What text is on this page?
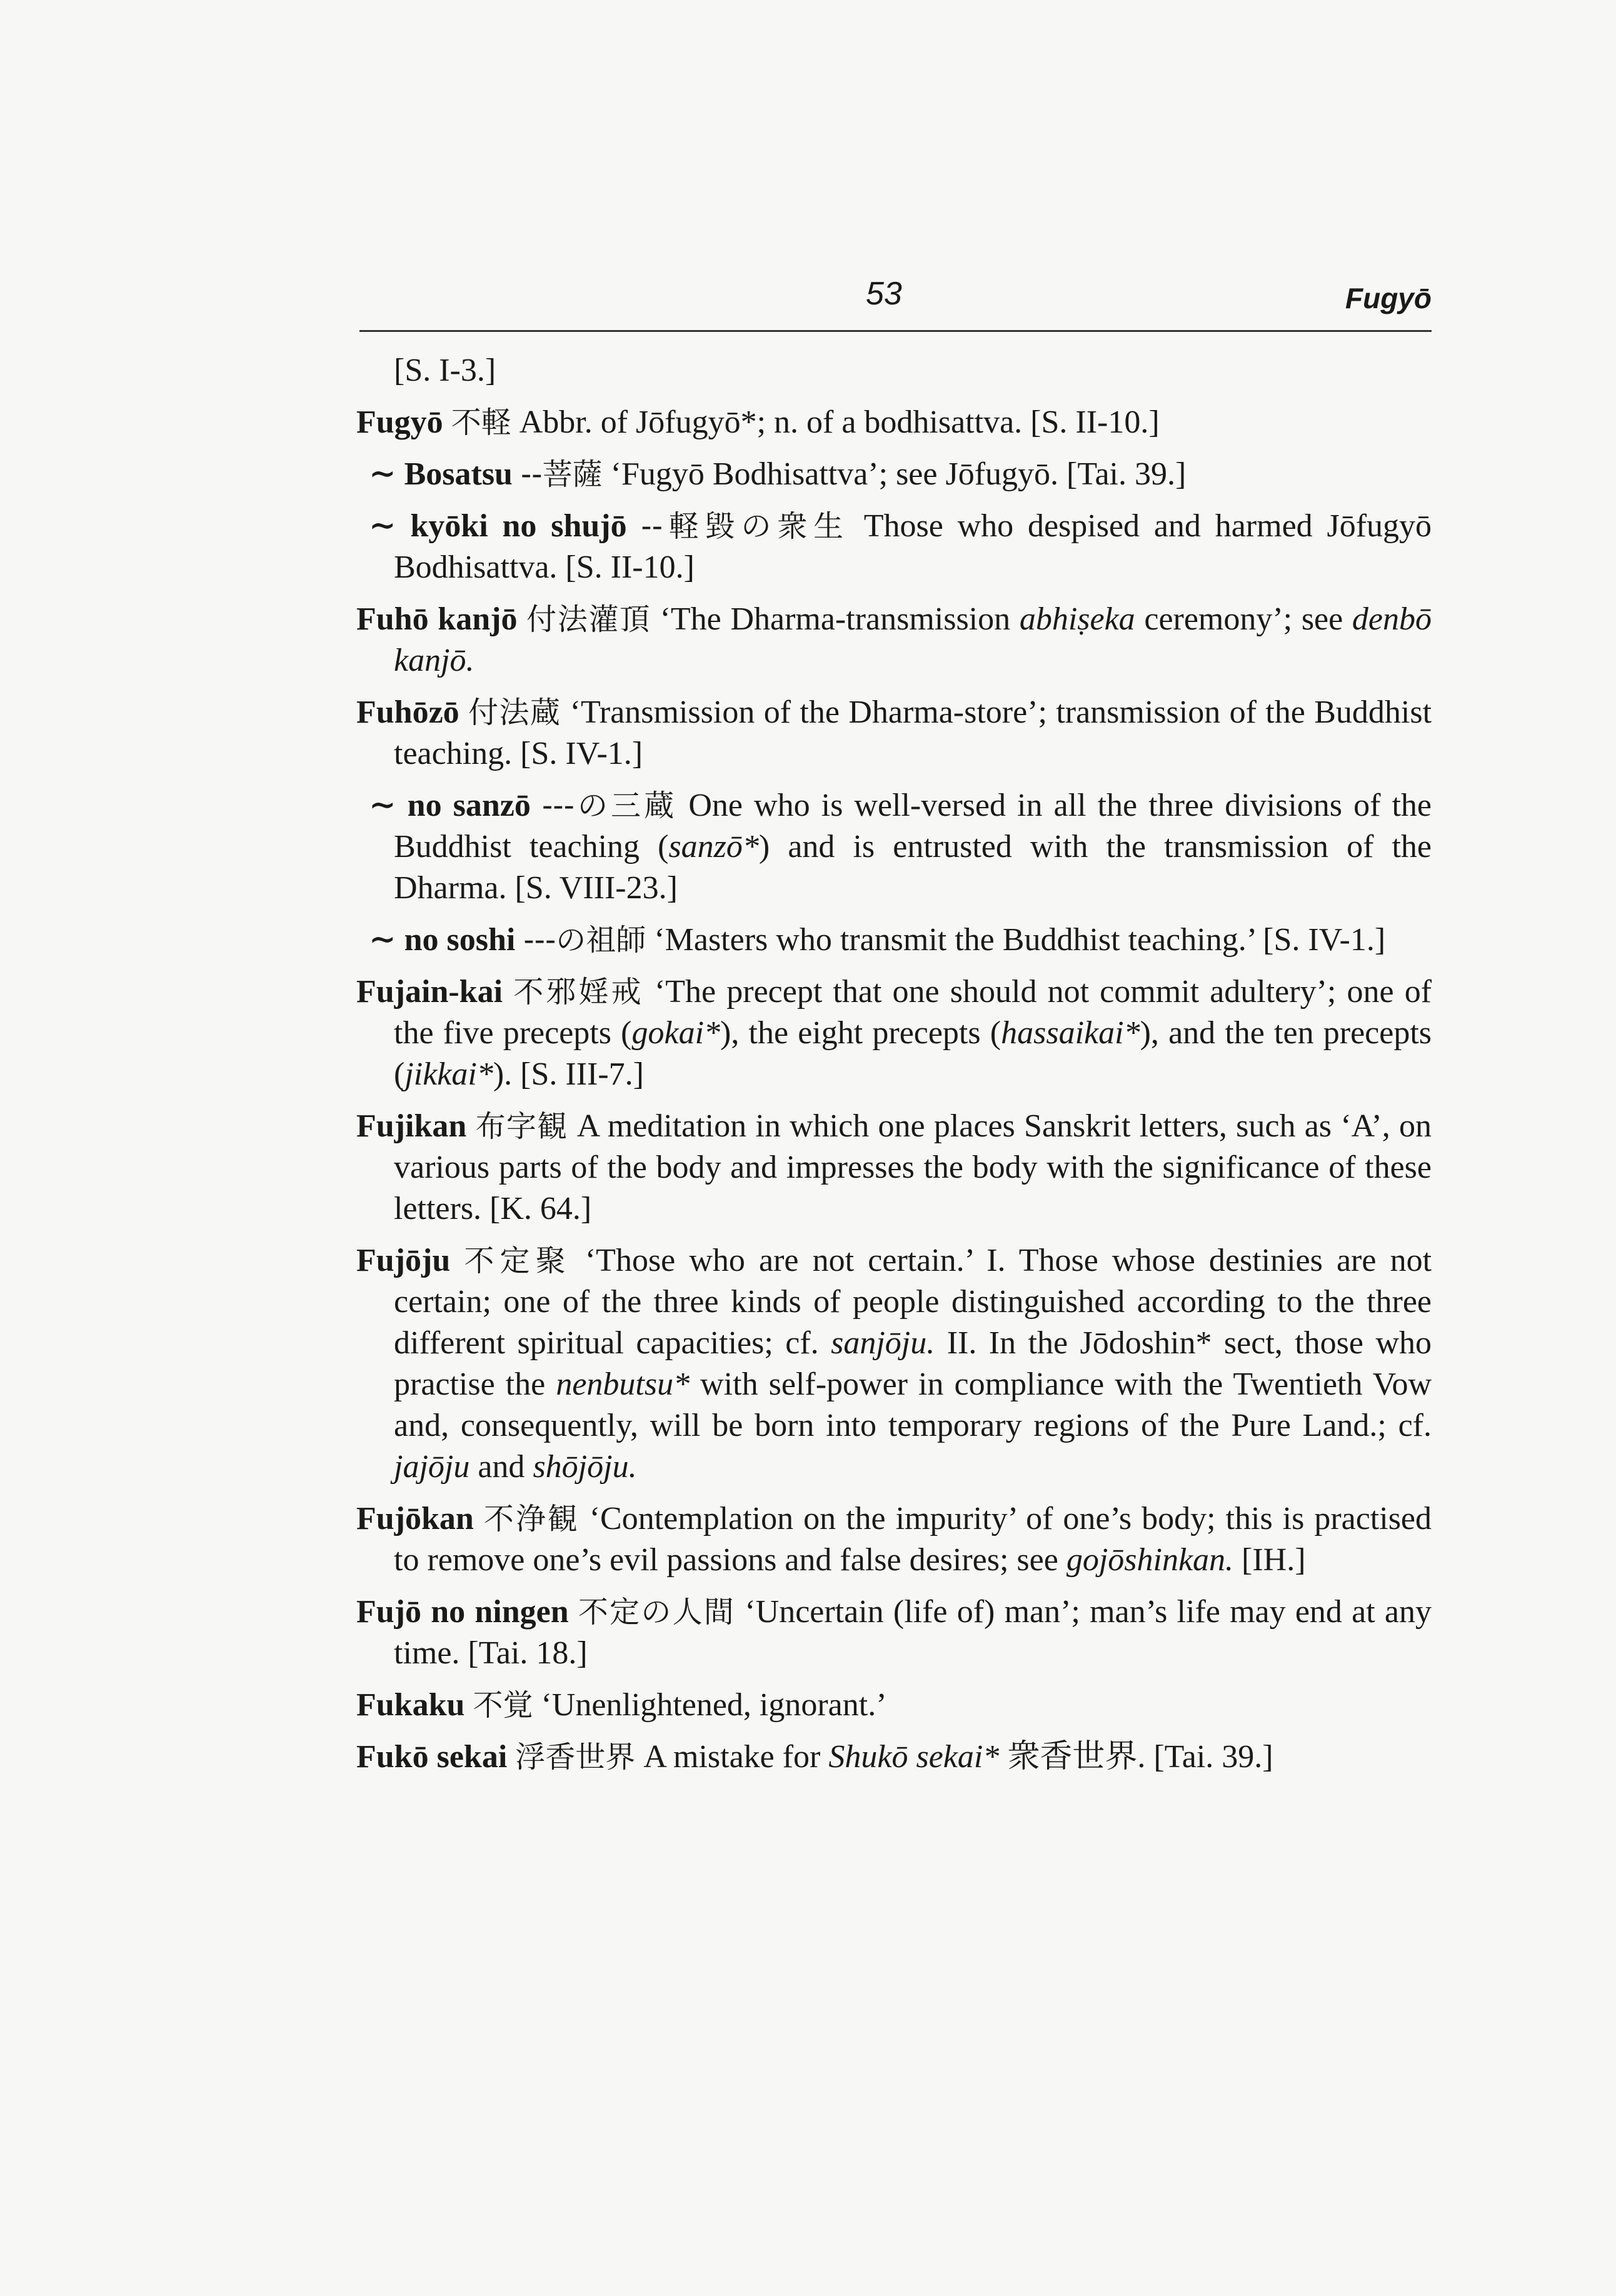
53	Fugyō

[S. I-3.]

Fugyō 不軽 Abbr. of Jōfugyō*; n. of a bodhisattva. [S. II-10.]

∼ Bosatsu --菩薩 ‘Fugyō Bodhisattva’; see Jōfugyō. [Tai. 39.]

∼ kyōki no shujō --軽毀の衆生 Those who despised and harmed Jōfugyō Bodhisattva. [S. II-10.]

Fuhō kanjō 付法灌頂 ‘The Dharma-transmission abhiṣeka ceremony’; see denbō kanjō.

Fuhōzō 付法蔵 ‘Transmission of the Dharma-store’; transmission of the Buddhist teaching. [S. IV-1.]

∼ no sanzō ---の三蔵 One who is well-versed in all the three divisions of the Buddhist teaching (sanzō*) and is entrusted with the transmission of the Dharma. [S. VIII-23.]

∼ no soshi ---の祖師 ‘Masters who transmit the Buddhist teaching.’ [S. IV-1.]

Fujain-kai 不邪婬戒 ‘The precept that one should not commit adultery’; one of the five precepts (gokai*), the eight precepts (hassaikai*), and the ten precepts (jikkai*). [S. III-7.]

Fujikan 布字観 A meditation in which one places Sanskrit letters, such as ‘A’, on various parts of the body and impresses the body with the significance of these letters. [K. 64.]

Fujōju 不定聚 ‘Those who are not certain.’ I. Those whose destinies are not certain; one of the three kinds of people distinguished according to the three different spiritual capacities; cf. sanjōju. II. In the Jōdoshin* sect, those who practise the nenbutsu* with self-power in compliance with the Twentieth Vow and, consequently, will be born into temporary regions of the Pure Land.; cf. jajōju and shōjōju.

Fujōkan 不浄観 ‘Contemplation on the impurity’ of one’s body; this is practised to remove one’s evil passions and false desires; see gojōshinkan. [IH.]

Fujō no ningen 不定の人間 ‘Uncertain (life of) man’; man’s life may end at any time. [Tai. 18.]

Fukaku 不覚 ‘Unenlightened, ignorant.’

Fukō sekai 浮香世界 A mistake for Shukō sekai* 衆香世界. [Tai. 39.]
